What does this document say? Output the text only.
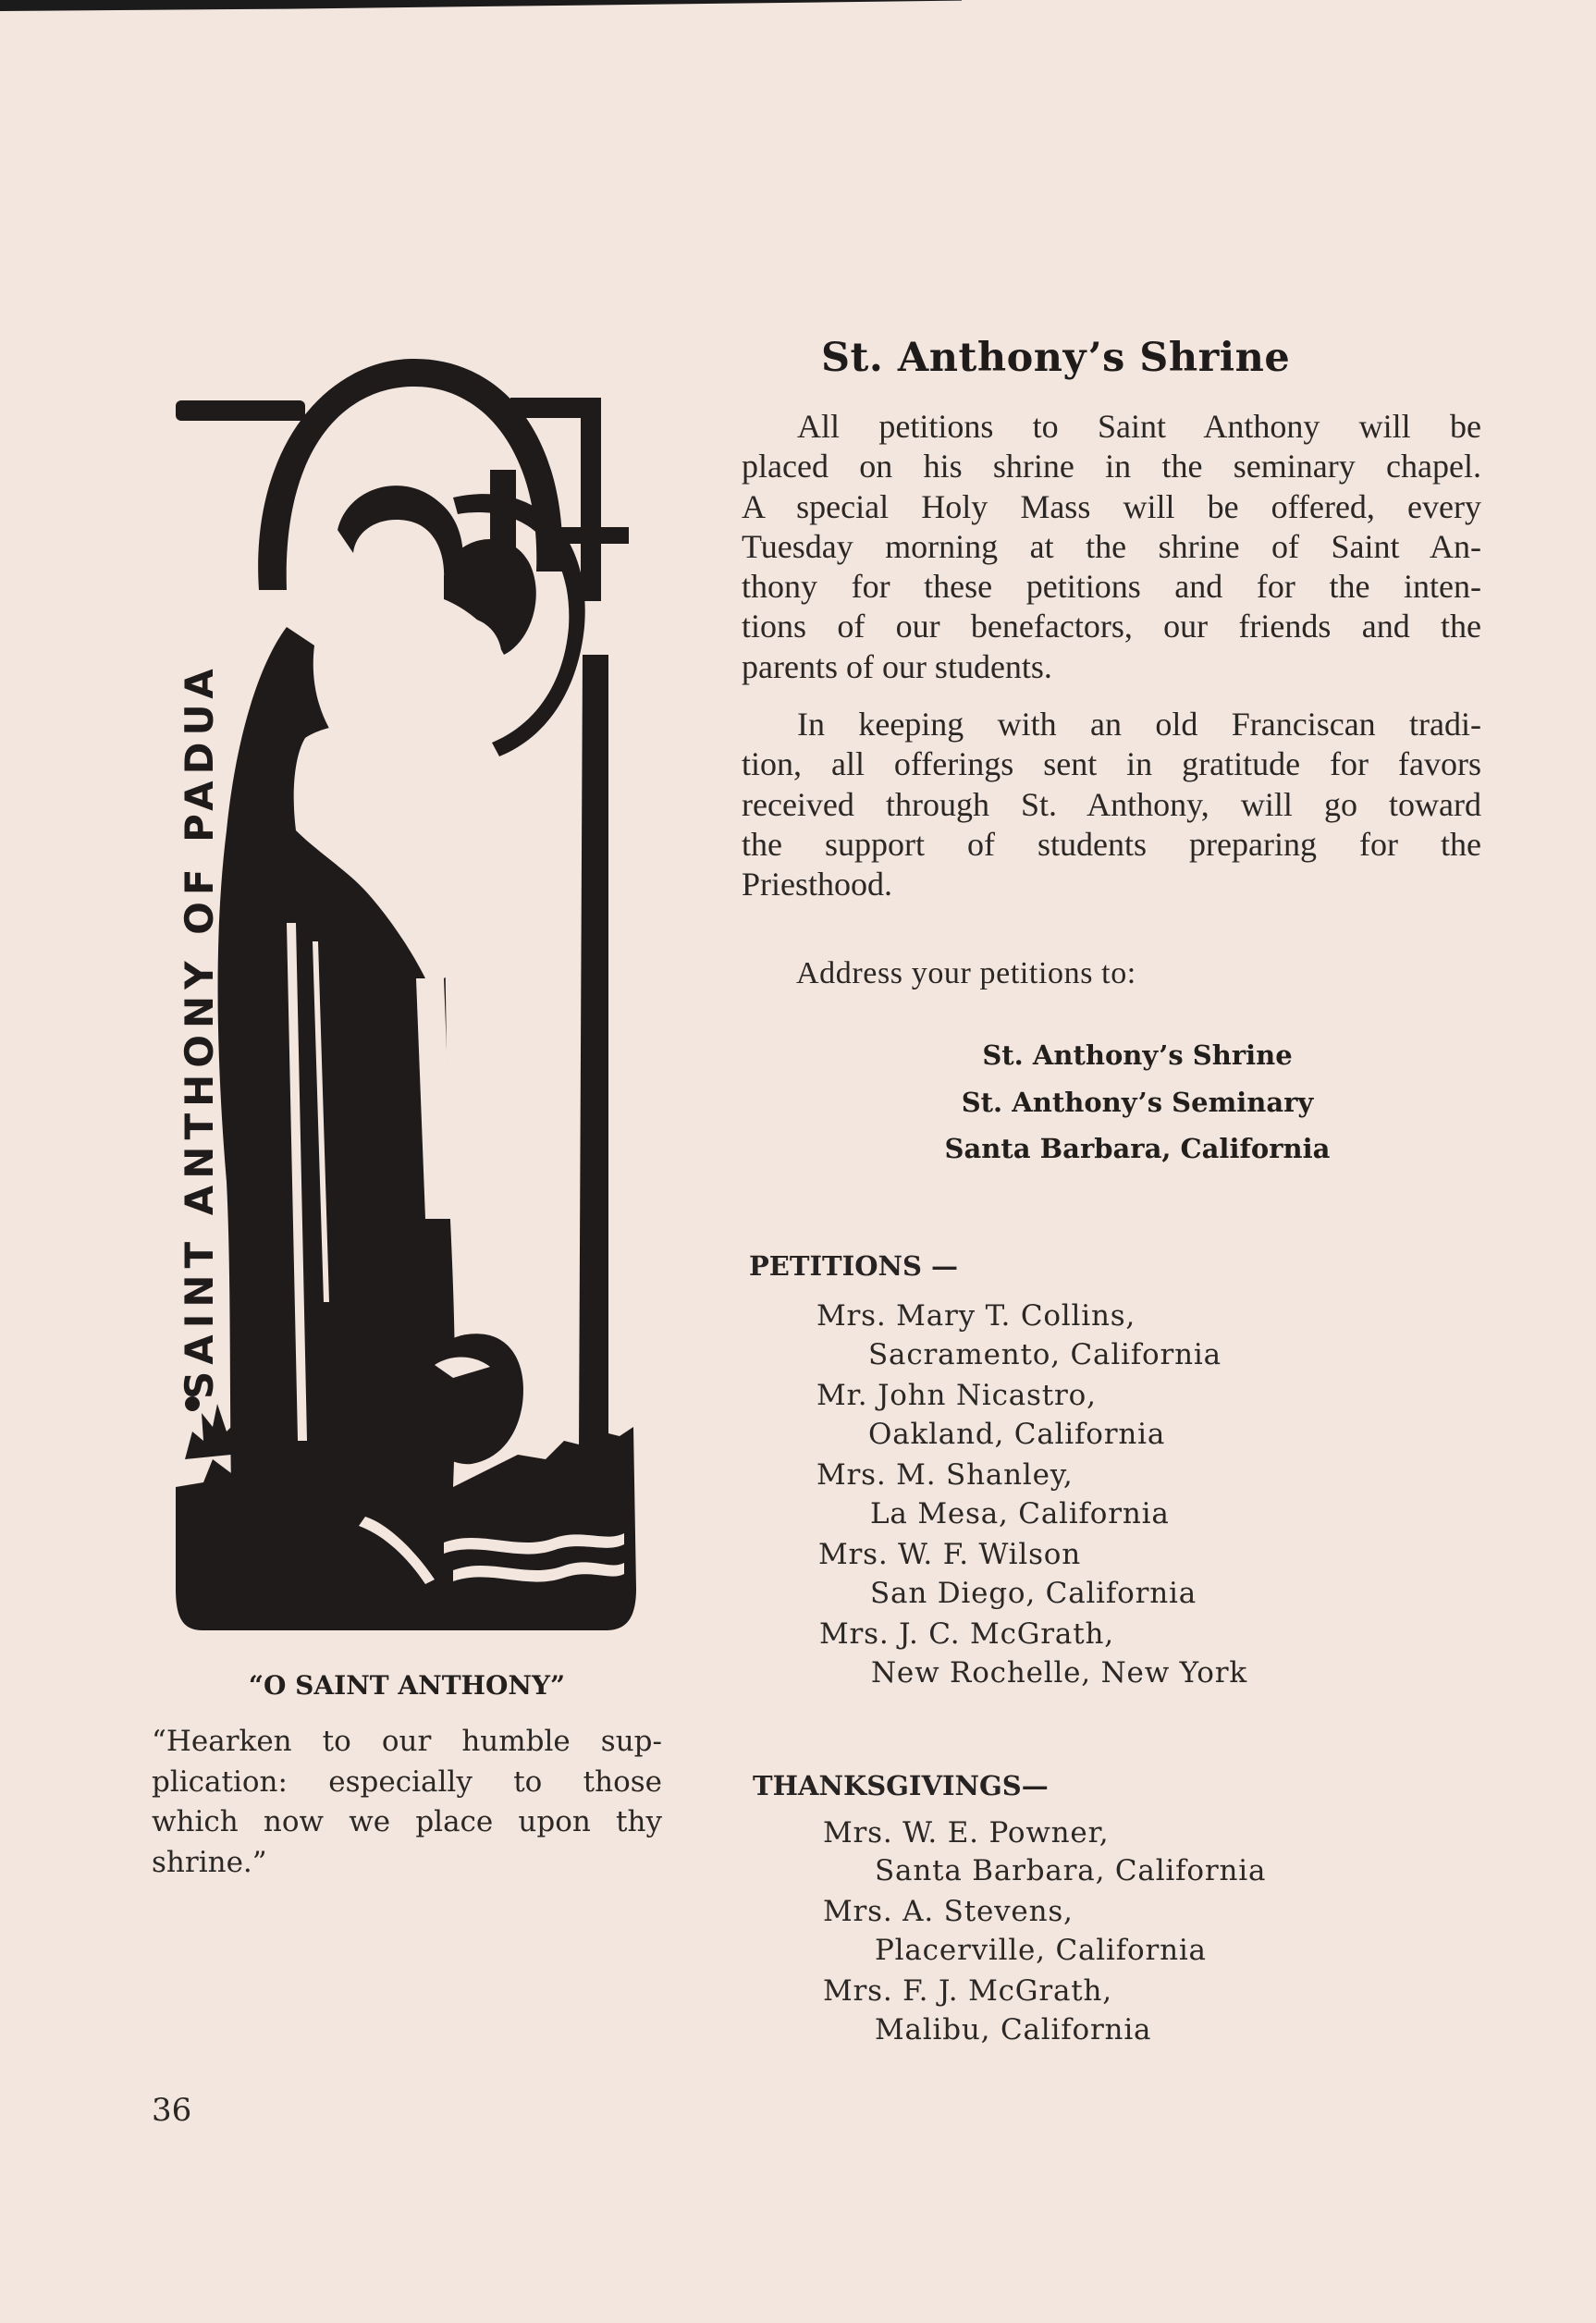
SAINT ANTHONY OF PADUA
St. Anthony’s Shrine
All petitions to Saint Anthony will be
placed on his shrine in the seminary chapel.
A special Holy Mass will be offered, every
Tuesday morning at the shrine of Saint An-
thony for these petitions and for the inten-
tions of our benefactors, our friends and the
parents of our students.
In keeping with an old Franciscan tradi-
tion, all offerings sent in gratitude for favors
received through St. Anthony, will go toward
the support of students preparing for the
Priesthood.
Address your petitions to:
St. Anthony’s Shrine
St. Anthony’s Seminary
Santa Barbara, California
PETITIONS —
Mrs. Mary T. Collins,
Sacramento, California
Mr. John Nicastro,
Oakland, California
Mrs. M. Shanley,
La Mesa, California
Mrs. W. F. Wilson
San Diego, California
Mrs. J. C. McGrath,
New Rochelle, New York
THANKSGIVINGS—
Mrs. W. E. Powner,
Santa Barbara, California
Mrs. A. Stevens,
Placerville, California
Mrs. F. J. McGrath,
Malibu, California
“O SAINT ANTHONY”
“Hearken to our humble sup-
plication: especially to those
which now we place upon thy
shrine.”
36
